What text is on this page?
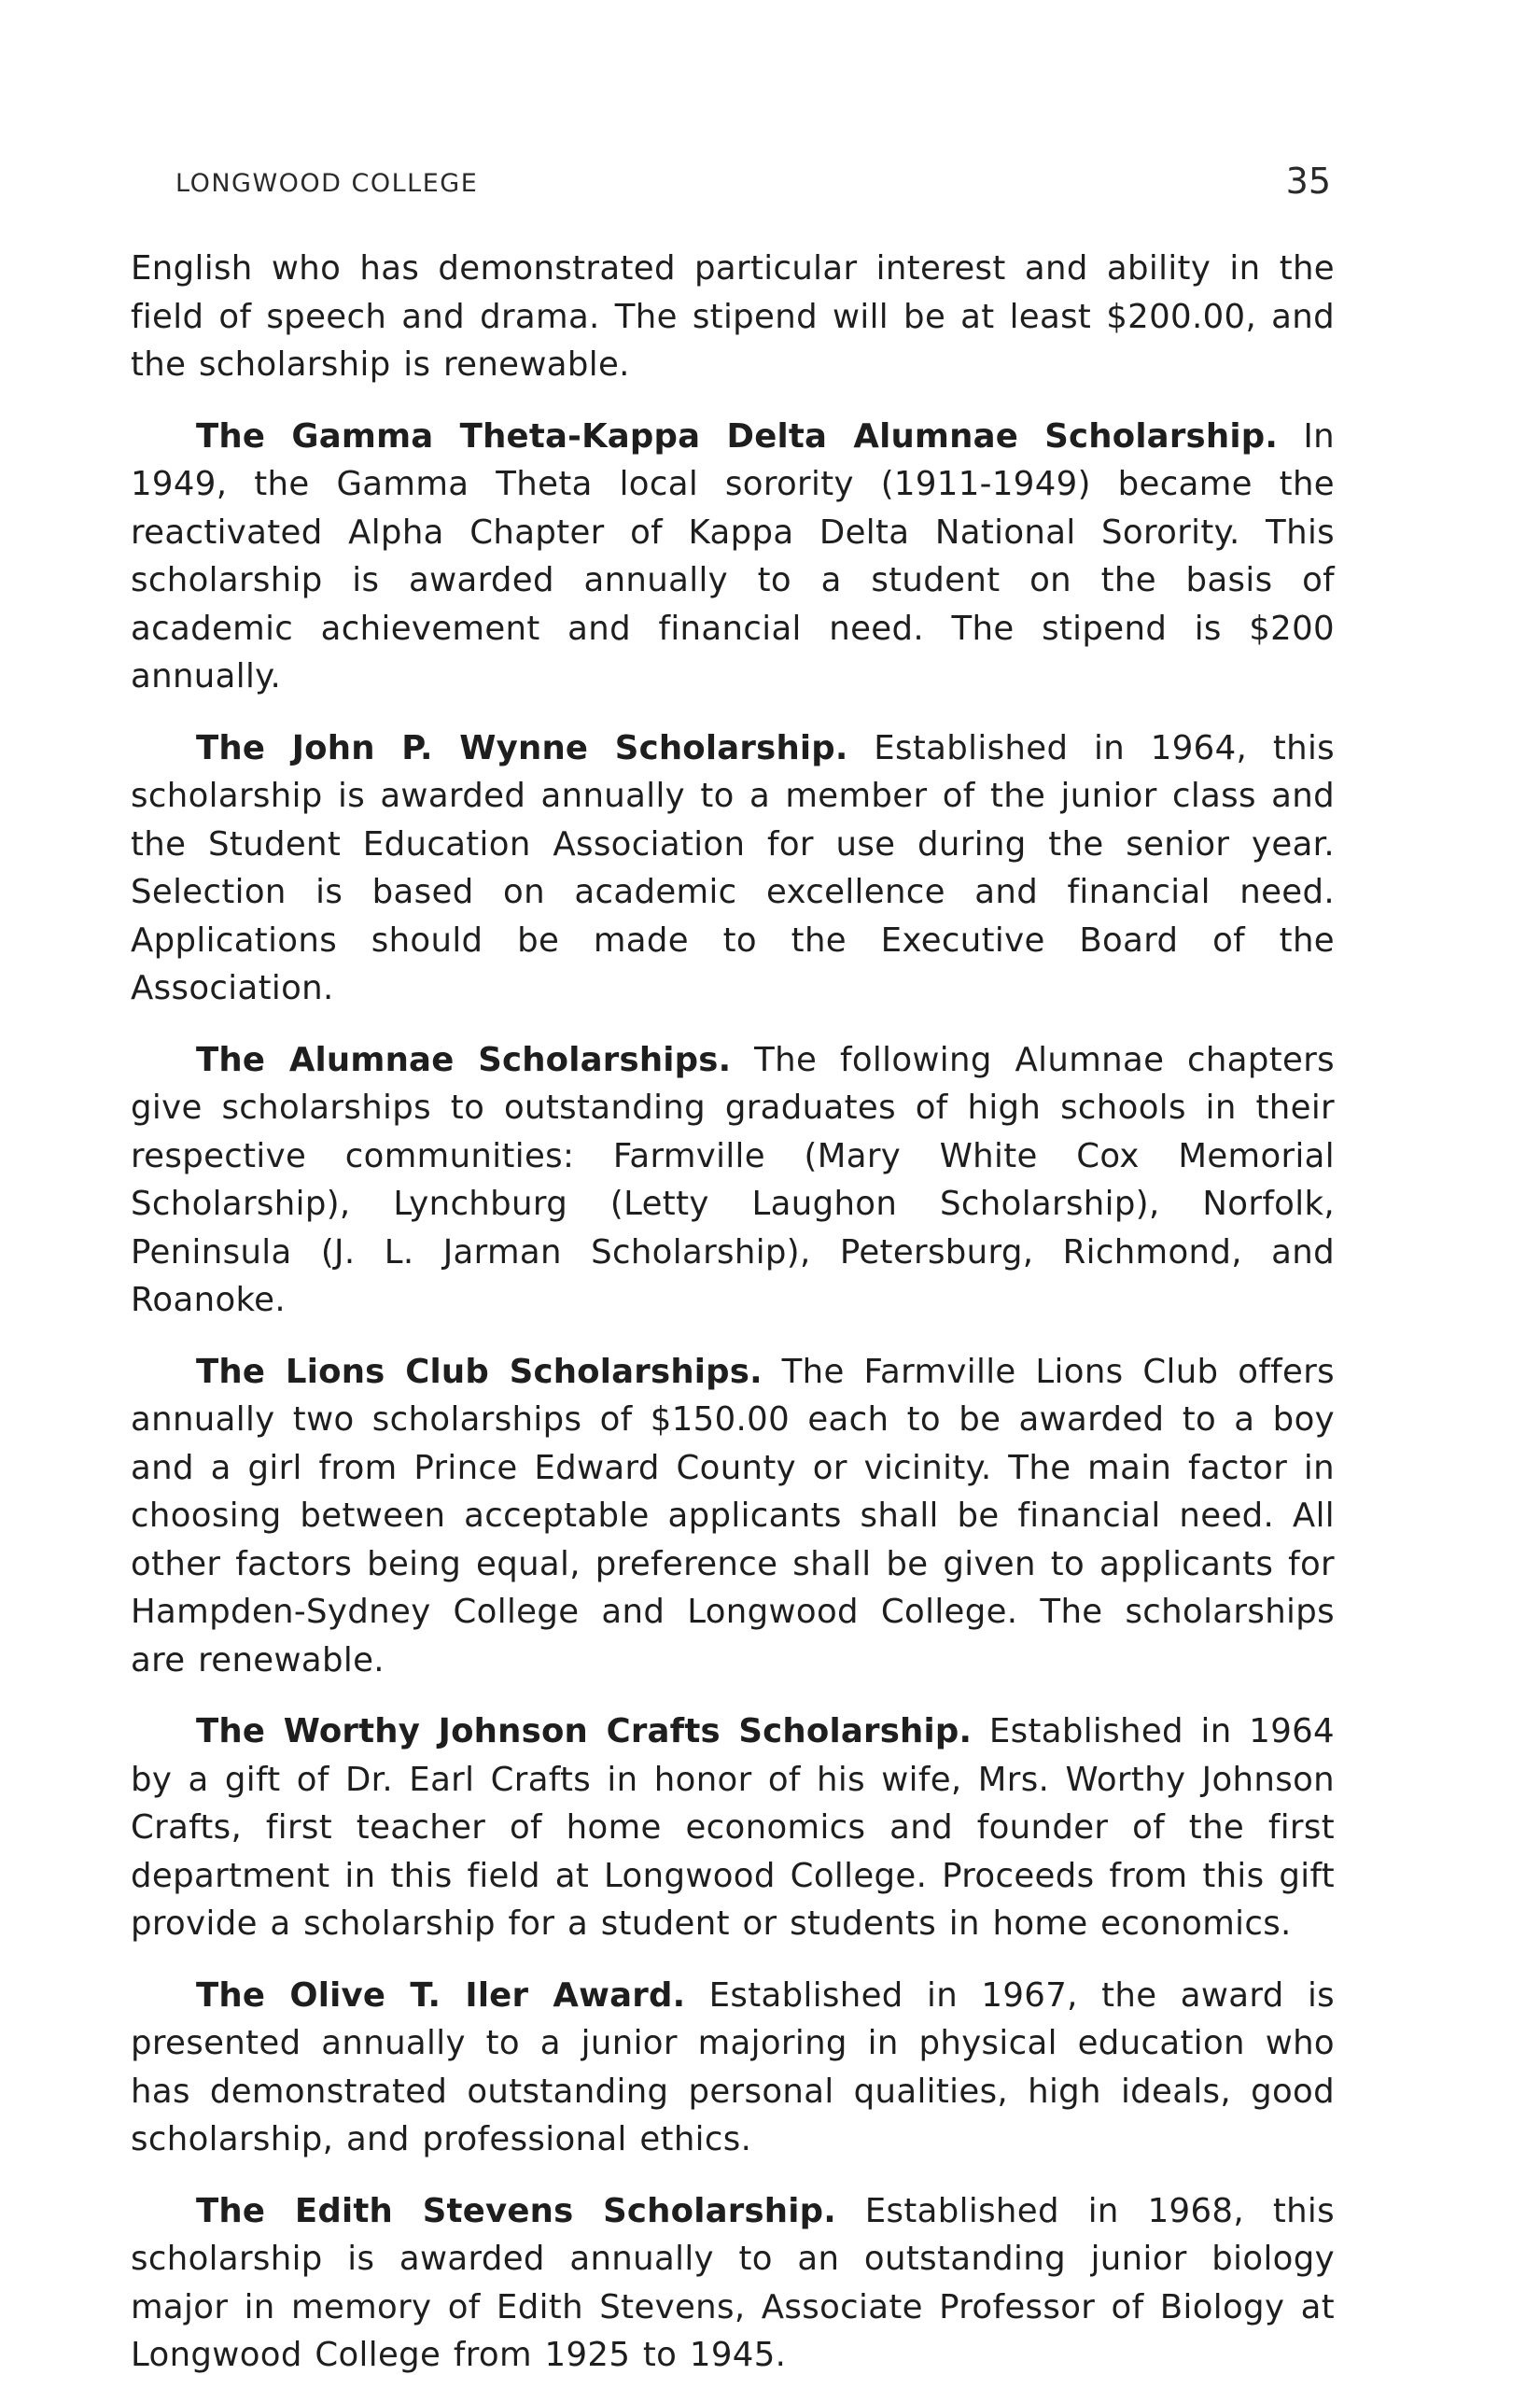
LONGWOOD COLLEGE	35

English who has demonstrated particular interest and ability in the field of speech and drama. The stipend will be at least $200.00, and the scholarship is renewable.

The Gamma Theta-Kappa Delta Alumnae Scholarship. In 1949, the Gamma Theta local sorority (1911-1949) became the reactivated Alpha Chapter of Kappa Delta National Sorority. This scholarship is awarded annually to a student on the basis of academic achievement and financial need. The stipend is $200 annually.

The John P. Wynne Scholarship. Established in 1964, this scholarship is awarded annually to a member of the junior class and the Student Education Association for use during the senior year. Selection is based on academic excellence and financial need. Applications should be made to the Executive Board of the Association.

The Alumnae Scholarships. The following Alumnae chapters give scholarships to outstanding graduates of high schools in their respective communities: Farmville (Mary White Cox Memorial Scholarship), Lynchburg (Letty Laughon Scholarship), Norfolk, Peninsula (J. L. Jarman Scholarship), Petersburg, Richmond, and Roanoke.

The Lions Club Scholarships. The Farmville Lions Club offers annually two scholarships of $150.00 each to be awarded to a boy and a girl from Prince Edward County or vicinity. The main factor in choosing between acceptable applicants shall be financial need. All other factors being equal, preference shall be given to applicants for Hampden-Sydney College and Longwood College. The scholarships are renewable.

The Worthy Johnson Crafts Scholarship. Established in 1964 by a gift of Dr. Earl Crafts in honor of his wife, Mrs. Worthy Johnson Crafts, first teacher of home economics and founder of the first department in this field at Longwood College. Proceeds from this gift provide a scholarship for a student or students in home economics.

The Olive T. Iler Award. Established in 1967, the award is presented annually to a junior majoring in physical education who has demonstrated outstanding personal qualities, high ideals, good scholarship, and professional ethics.

The Edith Stevens Scholarship. Established in 1968, this scholarship is awarded annually to an outstanding junior biology major in memory of Edith Stevens, Associate Professor of Biology at Longwood College from 1925 to 1945.
